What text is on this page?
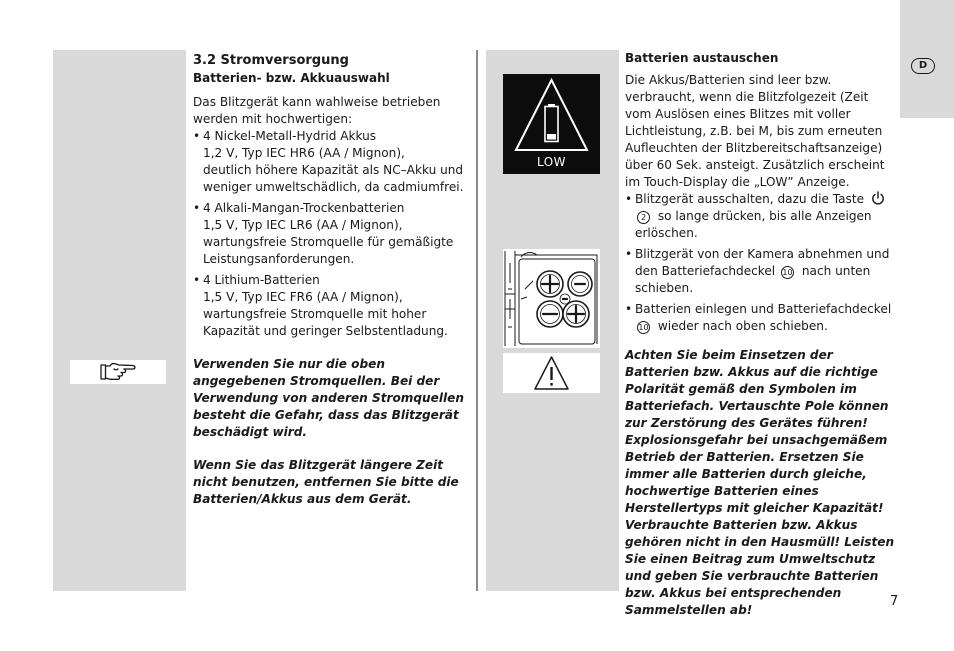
D
LOW
3.2 Stromversorgung
Batterien- bzw. Akkuauswahl

Das Blitzgerät kann wahlweise betrieben werden mit hochwertigen:

• 4 Nickel-Metall-Hydrid Akkus
1,2 V, Typ IEC HR6 (AA / Mignon),
deutlich höhere Kapazität als NC–Akku und weniger umweltschädlich, da cadmiumfrei.
• 4 Alkali-Mangan-Trockenbatterien
1,5 V, Typ IEC LR6 (AA / Mignon),
wartungsfreie Stromquelle für gemäßigte Leistungsanforderungen.
• 4 Lithium-Batterien
1,5 V, Typ IEC FR6 (AA / Mignon),
wartungsfreie Stromquelle mit hoher Kapazität und geringer Selbstentladung.

Verwenden Sie nur die oben angegebenen Stromquellen. Bei der Verwendung von anderen Stromquellen besteht die Gefahr, dass das Blitzgerät beschädigt wird.

Wenn Sie das Blitzgerät längere Zeit nicht benutzen, entfernen Sie bitte die Batterien/Akkus aus dem Gerät.

Batterien austauschen

Die Akkus/Batterien sind leer bzw. verbraucht, wenn die Blitzfolgezeit (Zeit vom Auslösen eines Blitzes mit voller Lichtleistung, z.B. bei M, bis zum erneuten Aufleuchten der Blitzbereitschaftsanzeige) über 60 Sek. ansteigt. Zusätzlich erscheint im Touch-Display die „LOW” Anzeige.

• Blitzgerät ausschalten, dazu die Taste
2 so lange drücken, bis alle Anzeigen erlöschen.
• Blitzgerät von der Kamera abnehmen und den Batteriefachdeckel 10 nach unten schieben.
• Batterien einlegen und Batteriefachdeckel 10 wieder nach oben schieben.

Achten Sie beim Einsetzen der Batterien bzw. Akkus auf die richtige Polarität gemäß den Symbolen im Batteriefach. Vertauschte Pole können zur Zerstörung des Gerätes führen! Explosionsgefahr bei unsachgemäßem Betrieb der Batterien. Ersetzen Sie immer alle Batterien durch gleiche, hochwertige Batterien eines Herstellertyps mit gleicher Kapazität! Verbrauchte Batterien bzw. Akkus gehören nicht in den Hausmüll! Leisten Sie einen Beitrag zum Umweltschutz und geben Sie verbrauchte Batterien bzw. Akkus bei entsprechenden Sammelstellen ab!

7
